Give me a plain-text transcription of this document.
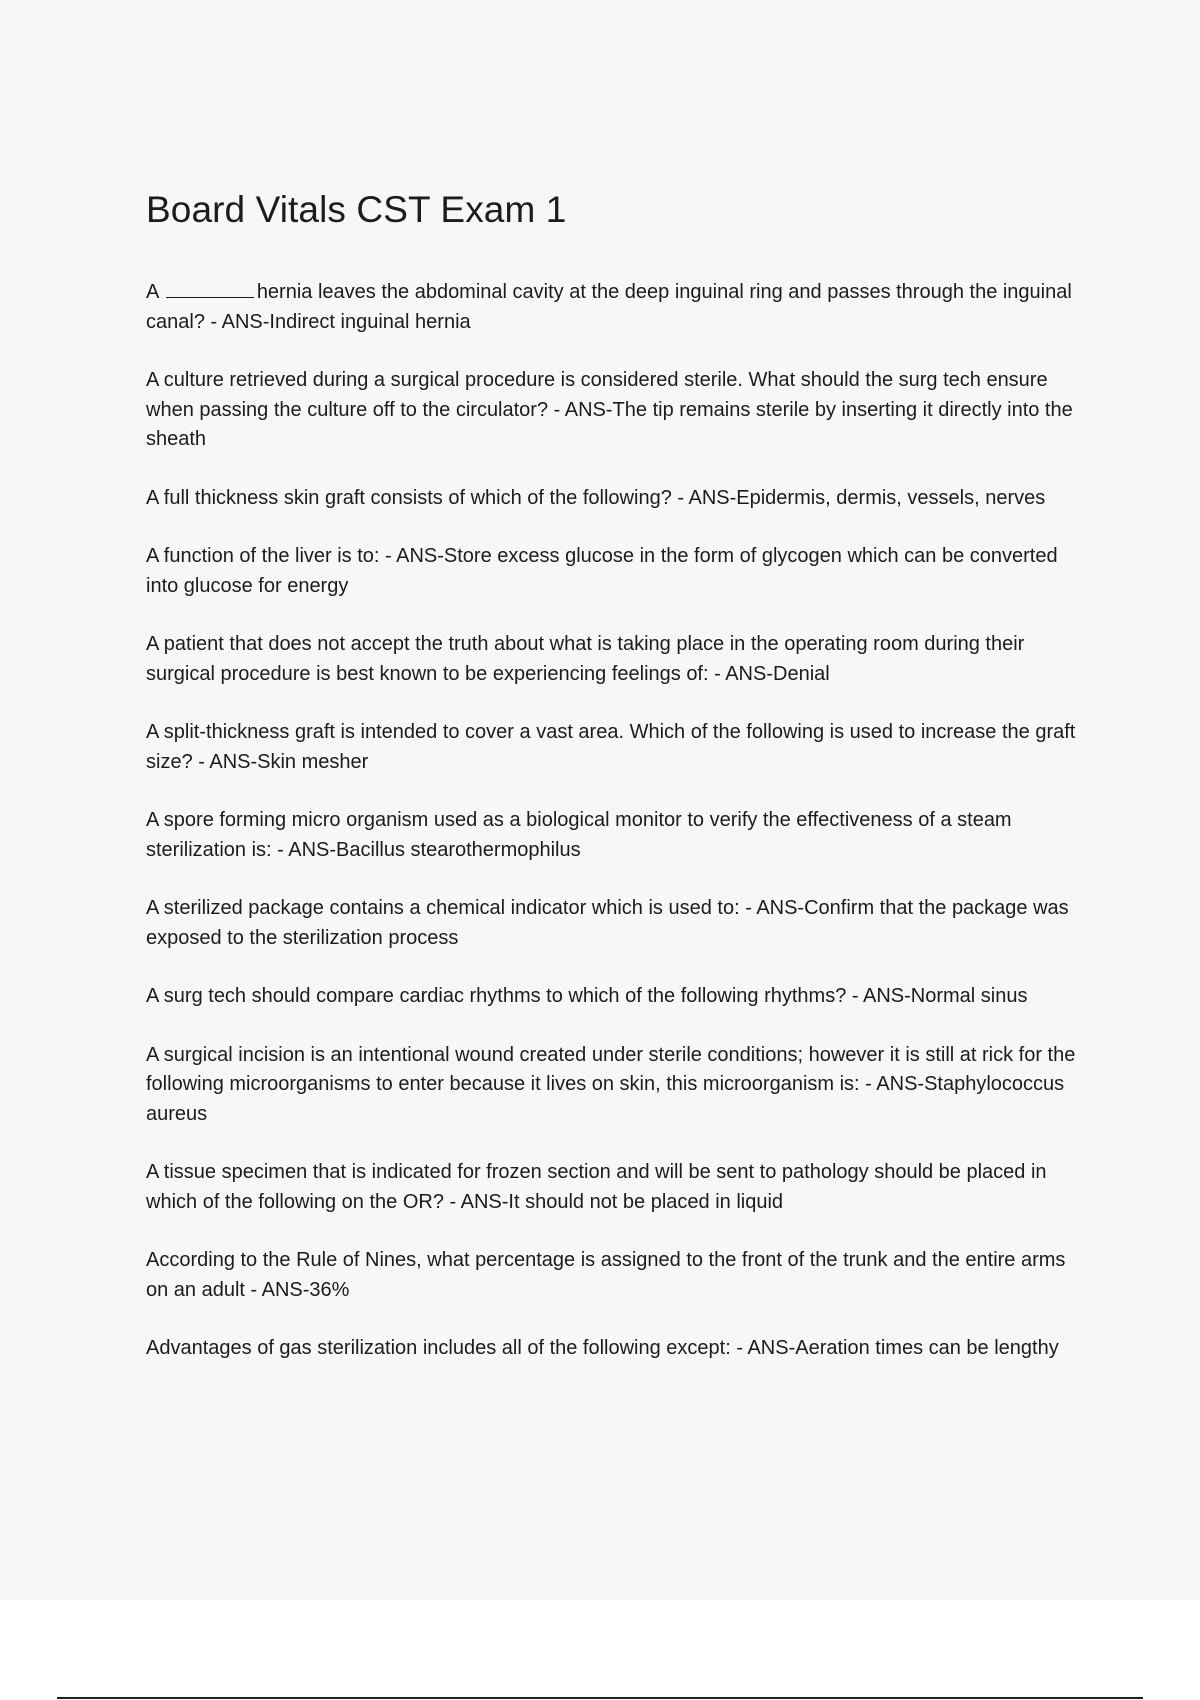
Board Vitals CST Exam 1

A	hernia leaves the abdominal cavity at the deep inguinal ring and passes through the inguinal canal? - ANS-Indirect inguinal hernia

A culture retrieved during a surgical procedure is considered sterile. What should the surg tech ensure when passing the culture off to the circulator? - ANS-The tip remains sterile by inserting it directly into the sheath

A full thickness skin graft consists of which of the following? - ANS-Epidermis, dermis, vessels, nerves

A function of the liver is to: - ANS-Store excess glucose in the form of glycogen which can be converted into glucose for energy

A patient that does not accept the truth about what is taking place in the operating room during their surgical procedure is best known to be experiencing feelings of: - ANS-Denial

A split-thickness graft is intended to cover a vast area. Which of the following is used to increase the graft size? - ANS-Skin mesher

A spore forming micro organism used as a biological monitor to verify the effectiveness of a steam sterilization is: - ANS-Bacillus stearothermophilus

A sterilized package contains a chemical indicator which is used to: - ANS-Confirm that the package was exposed to the sterilization process

A surg tech should compare cardiac rhythms to which of the following rhythms? - ANS-Normal sinus

A surgical incision is an intentional wound created under sterile conditions; however it is still at rick for the following microorganisms to enter because it lives on skin, this microorganism is: - ANS-Staphylococcus aureus

A tissue specimen that is indicated for frozen section and will be sent to pathology should be placed in which of the following on the OR? - ANS-It should not be placed in liquid

According to the Rule of Nines, what percentage is assigned to the front of the trunk and the entire arms on an adult - ANS-36%

Advantages of gas sterilization includes all of the following except: - ANS-Aeration times can be lengthy
